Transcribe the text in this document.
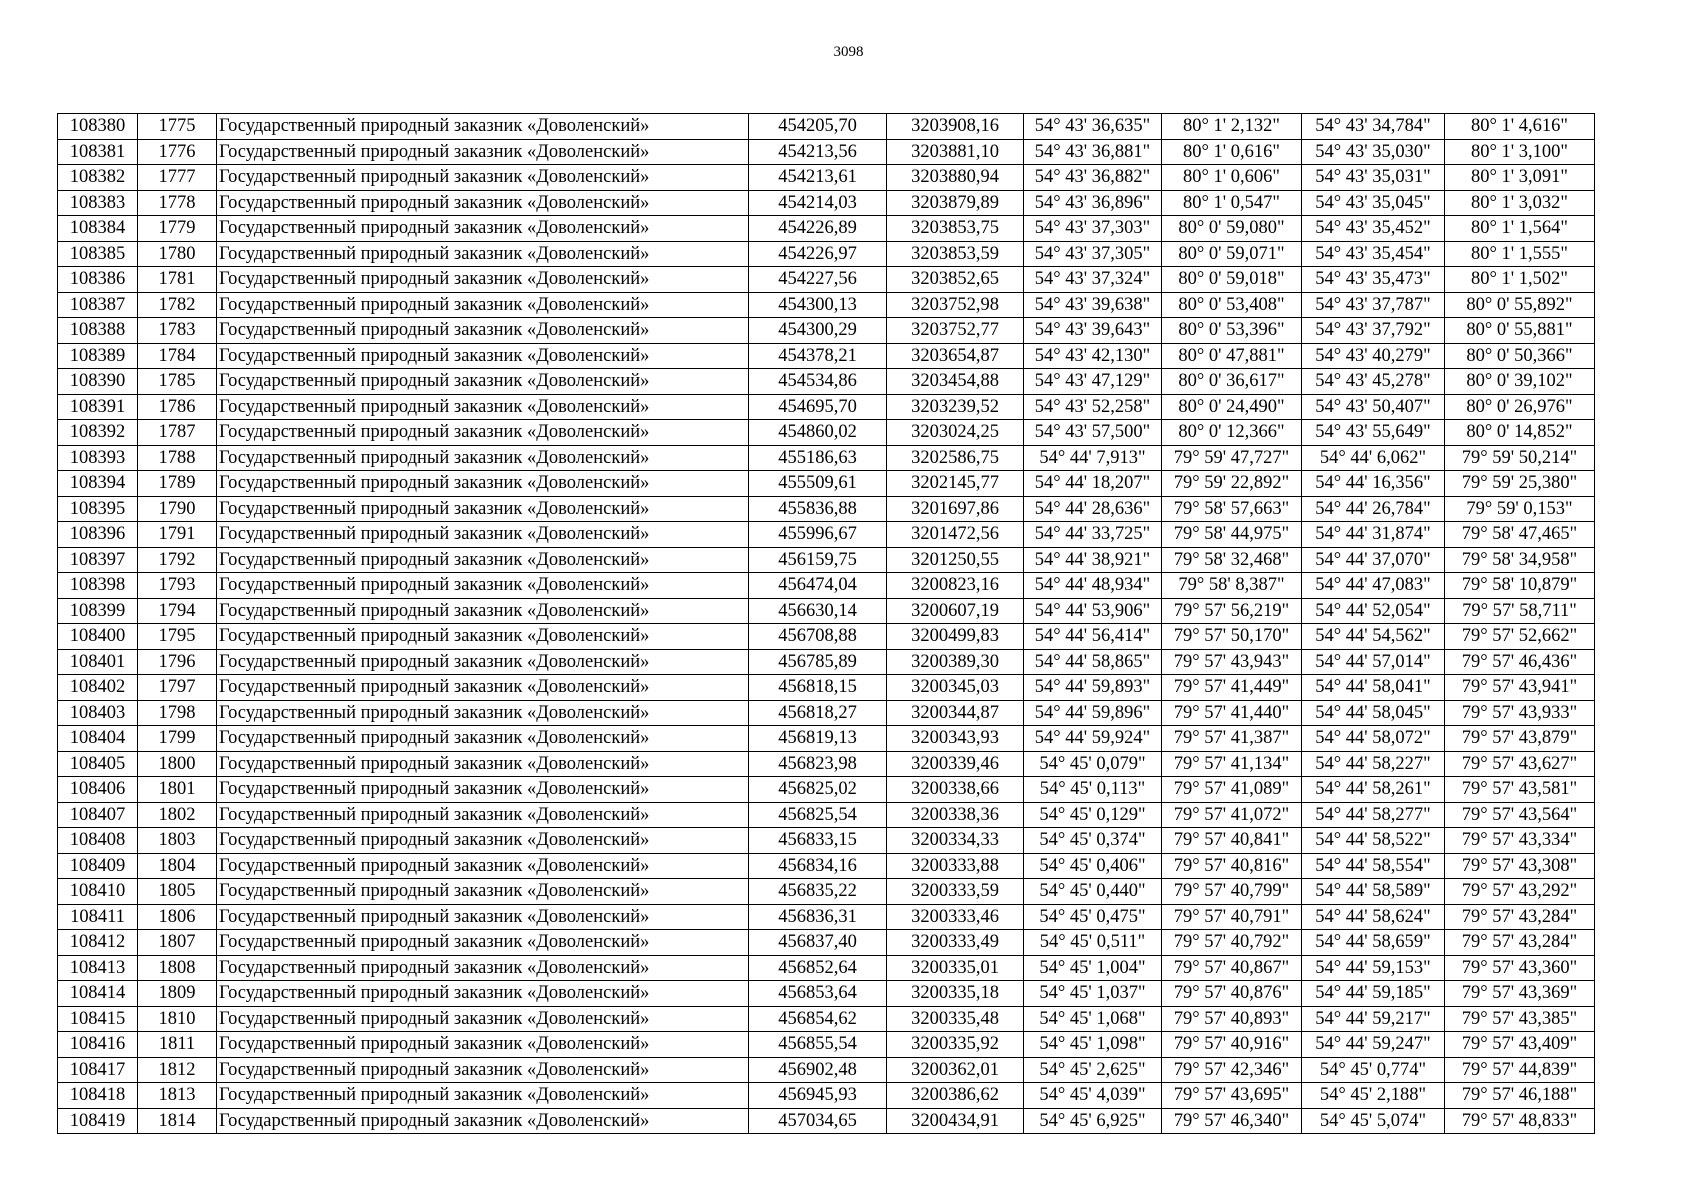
3098
108380	1775	Государственный природный заказник «Доволенский»	454205,70	3203908,16	54° 43' 36,635"	80° 1' 2,132"	54° 43' 34,784"	80° 1' 4,616"
108381	1776	Государственный природный заказник «Доволенский»	454213,56	3203881,10	54° 43' 36,881"	80° 1' 0,616"	54° 43' 35,030"	80° 1' 3,100"
108382	1777	Государственный природный заказник «Доволенский»	454213,61	3203880,94	54° 43' 36,882"	80° 1' 0,606"	54° 43' 35,031"	80° 1' 3,091"
108383	1778	Государственный природный заказник «Доволенский»	454214,03	3203879,89	54° 43' 36,896"	80° 1' 0,547"	54° 43' 35,045"	80° 1' 3,032"
108384	1779	Государственный природный заказник «Доволенский»	454226,89	3203853,75	54° 43' 37,303"	80° 0' 59,080"	54° 43' 35,452"	80° 1' 1,564"
108385	1780	Государственный природный заказник «Доволенский»	454226,97	3203853,59	54° 43' 37,305"	80° 0' 59,071"	54° 43' 35,454"	80° 1' 1,555"
108386	1781	Государственный природный заказник «Доволенский»	454227,56	3203852,65	54° 43' 37,324"	80° 0' 59,018"	54° 43' 35,473"	80° 1' 1,502"
108387	1782	Государственный природный заказник «Доволенский»	454300,13	3203752,98	54° 43' 39,638"	80° 0' 53,408"	54° 43' 37,787"	80° 0' 55,892"
108388	1783	Государственный природный заказник «Доволенский»	454300,29	3203752,77	54° 43' 39,643"	80° 0' 53,396"	54° 43' 37,792"	80° 0' 55,881"
108389	1784	Государственный природный заказник «Доволенский»	454378,21	3203654,87	54° 43' 42,130"	80° 0' 47,881"	54° 43' 40,279"	80° 0' 50,366"
108390	1785	Государственный природный заказник «Доволенский»	454534,86	3203454,88	54° 43' 47,129"	80° 0' 36,617"	54° 43' 45,278"	80° 0' 39,102"
108391	1786	Государственный природный заказник «Доволенский»	454695,70	3203239,52	54° 43' 52,258"	80° 0' 24,490"	54° 43' 50,407"	80° 0' 26,976"
108392	1787	Государственный природный заказник «Доволенский»	454860,02	3203024,25	54° 43' 57,500"	80° 0' 12,366"	54° 43' 55,649"	80° 0' 14,852"
108393	1788	Государственный природный заказник «Доволенский»	455186,63	3202586,75	54° 44' 7,913"	79° 59' 47,727"	54° 44' 6,062"	79° 59' 50,214"
108394	1789	Государственный природный заказник «Доволенский»	455509,61	3202145,77	54° 44' 18,207"	79° 59' 22,892"	54° 44' 16,356"	79° 59' 25,380"
108395	1790	Государственный природный заказник «Доволенский»	455836,88	3201697,86	54° 44' 28,636"	79° 58' 57,663"	54° 44' 26,784"	79° 59' 0,153"
108396	1791	Государственный природный заказник «Доволенский»	455996,67	3201472,56	54° 44' 33,725"	79° 58' 44,975"	54° 44' 31,874"	79° 58' 47,465"
108397	1792	Государственный природный заказник «Доволенский»	456159,75	3201250,55	54° 44' 38,921"	79° 58' 32,468"	54° 44' 37,070"	79° 58' 34,958"
108398	1793	Государственный природный заказник «Доволенский»	456474,04	3200823,16	54° 44' 48,934"	79° 58' 8,387"	54° 44' 47,083"	79° 58' 10,879"
108399	1794	Государственный природный заказник «Доволенский»	456630,14	3200607,19	54° 44' 53,906"	79° 57' 56,219"	54° 44' 52,054"	79° 57' 58,711"
108400	1795	Государственный природный заказник «Доволенский»	456708,88	3200499,83	54° 44' 56,414"	79° 57' 50,170"	54° 44' 54,562"	79° 57' 52,662"
108401	1796	Государственный природный заказник «Доволенский»	456785,89	3200389,30	54° 44' 58,865"	79° 57' 43,943"	54° 44' 57,014"	79° 57' 46,436"
108402	1797	Государственный природный заказник «Доволенский»	456818,15	3200345,03	54° 44' 59,893"	79° 57' 41,449"	54° 44' 58,041"	79° 57' 43,941"
108403	1798	Государственный природный заказник «Доволенский»	456818,27	3200344,87	54° 44' 59,896"	79° 57' 41,440"	54° 44' 58,045"	79° 57' 43,933"
108404	1799	Государственный природный заказник «Доволенский»	456819,13	3200343,93	54° 44' 59,924"	79° 57' 41,387"	54° 44' 58,072"	79° 57' 43,879"
108405	1800	Государственный природный заказник «Доволенский»	456823,98	3200339,46	54° 45' 0,079"	79° 57' 41,134"	54° 44' 58,227"	79° 57' 43,627"
108406	1801	Государственный природный заказник «Доволенский»	456825,02	3200338,66	54° 45' 0,113"	79° 57' 41,089"	54° 44' 58,261"	79° 57' 43,581"
108407	1802	Государственный природный заказник «Доволенский»	456825,54	3200338,36	54° 45' 0,129"	79° 57' 41,072"	54° 44' 58,277"	79° 57' 43,564"
108408	1803	Государственный природный заказник «Доволенский»	456833,15	3200334,33	54° 45' 0,374"	79° 57' 40,841"	54° 44' 58,522"	79° 57' 43,334"
108409	1804	Государственный природный заказник «Доволенский»	456834,16	3200333,88	54° 45' 0,406"	79° 57' 40,816"	54° 44' 58,554"	79° 57' 43,308"
108410	1805	Государственный природный заказник «Доволенский»	456835,22	3200333,59	54° 45' 0,440"	79° 57' 40,799"	54° 44' 58,589"	79° 57' 43,292"
108411	1806	Государственный природный заказник «Доволенский»	456836,31	3200333,46	54° 45' 0,475"	79° 57' 40,791"	54° 44' 58,624"	79° 57' 43,284"
108412	1807	Государственный природный заказник «Доволенский»	456837,40	3200333,49	54° 45' 0,511"	79° 57' 40,792"	54° 44' 58,659"	79° 57' 43,284"
108413	1808	Государственный природный заказник «Доволенский»	456852,64	3200335,01	54° 45' 1,004"	79° 57' 40,867"	54° 44' 59,153"	79° 57' 43,360"
108414	1809	Государственный природный заказник «Доволенский»	456853,64	3200335,18	54° 45' 1,037"	79° 57' 40,876"	54° 44' 59,185"	79° 57' 43,369"
108415	1810	Государственный природный заказник «Доволенский»	456854,62	3200335,48	54° 45' 1,068"	79° 57' 40,893"	54° 44' 59,217"	79° 57' 43,385"
108416	1811	Государственный природный заказник «Доволенский»	456855,54	3200335,92	54° 45' 1,098"	79° 57' 40,916"	54° 44' 59,247"	79° 57' 43,409"
108417	1812	Государственный природный заказник «Доволенский»	456902,48	3200362,01	54° 45' 2,625"	79° 57' 42,346"	54° 45' 0,774"	79° 57' 44,839"
108418	1813	Государственный природный заказник «Доволенский»	456945,93	3200386,62	54° 45' 4,039"	79° 57' 43,695"	54° 45' 2,188"	79° 57' 46,188"
108419	1814	Государственный природный заказник «Доволенский»	457034,65	3200434,91	54° 45' 6,925"	79° 57' 46,340"	54° 45' 5,074"	79° 57' 48,833"
